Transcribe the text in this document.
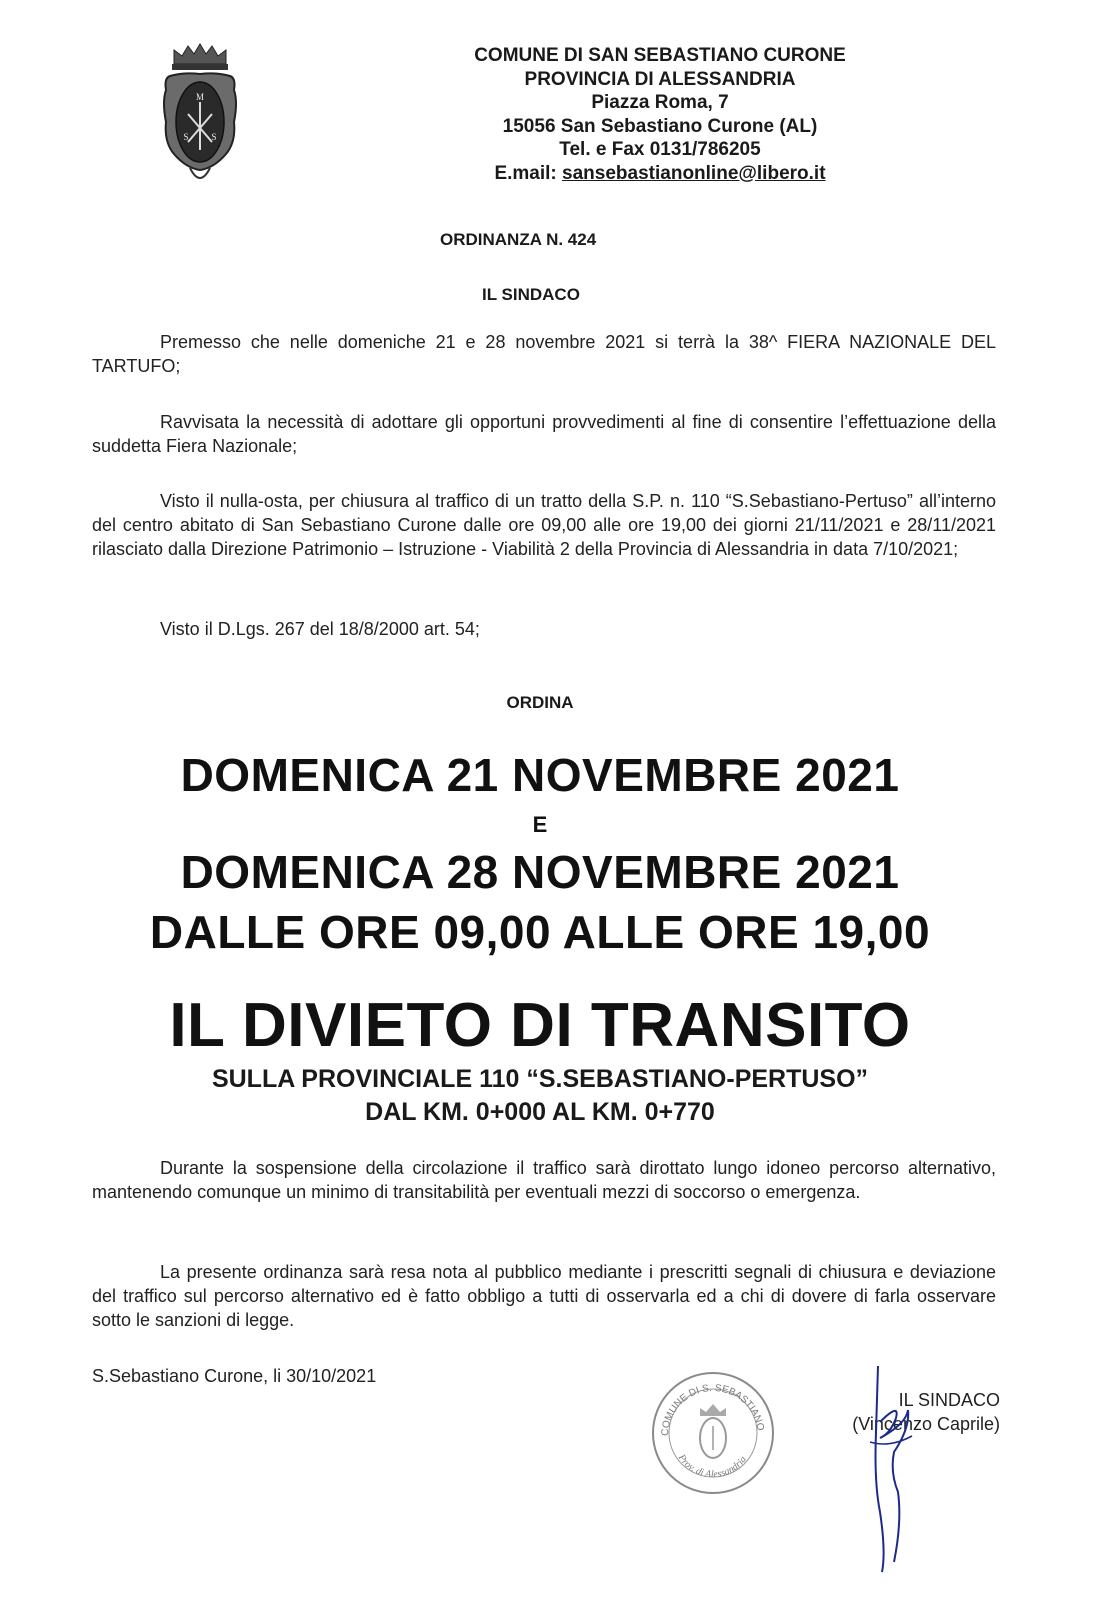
M
S	S
COMUNE DI SAN SEBASTIANO CURONE
PROVINCIA DI ALESSANDRIA
Piazza Roma, 7
15056 San Sebastiano Curone (AL)
Tel. e Fax 0131/786205
E.mail: sansebastianonline@libero.it
ORDINANZA N. 424
IL SINDACO
Premesso che nelle domeniche 21 e 28 novembre 2021 si terrà la 38^ FIERA NAZIONALE DEL TARTUFO;
Ravvisata la necessità di adottare gli opportuni provvedimenti al fine di consentire l’effettuazione della suddetta Fiera Nazionale;
Visto il nulla-osta, per chiusura al traffico di un tratto della S.P. n. 110 “S.Sebastiano-Pertuso” all’interno del centro abitato di San Sebastiano Curone dalle ore 09,00 alle ore 19,00 dei giorni 21/11/2021 e 28/11/2021 rilasciato dalla Direzione Patrimonio – Istruzione - Viabilità 2 della Provincia di Alessandria in data 7/10/2021;
Visto il D.Lgs. 267 del 18/8/2000 art. 54;
ORDINA
DOMENICA 21 NOVEMBRE 2021
E
DOMENICA 28 NOVEMBRE 2021
DALLE ORE 09,00 ALLE ORE 19,00
IL DIVIETO DI TRANSITO
SULLA PROVINCIALE 110 “S.SEBASTIANO-PERTUSO”
DAL KM. 0+000 AL KM. 0+770
Durante la sospensione della circolazione il traffico sarà dirottato lungo idoneo percorso alternativo, mantenendo comunque un minimo di transitabilità per eventuali mezzi di soccorso o emergenza.
La presente ordinanza sarà resa nota al pubblico mediante i prescritti segnali di chiusura e deviazione del traffico sul percorso alternativo ed è fatto obbligo a tutti di osservarla ed a chi di dovere di farla osservare sotto le sanzioni di legge.
S.Sebastiano Curone, li 30/10/2021
COMUNE DI S. SEBASTIANO
Prov. di Alessandria
IL SINDACO
(Vincenzo Caprile)
